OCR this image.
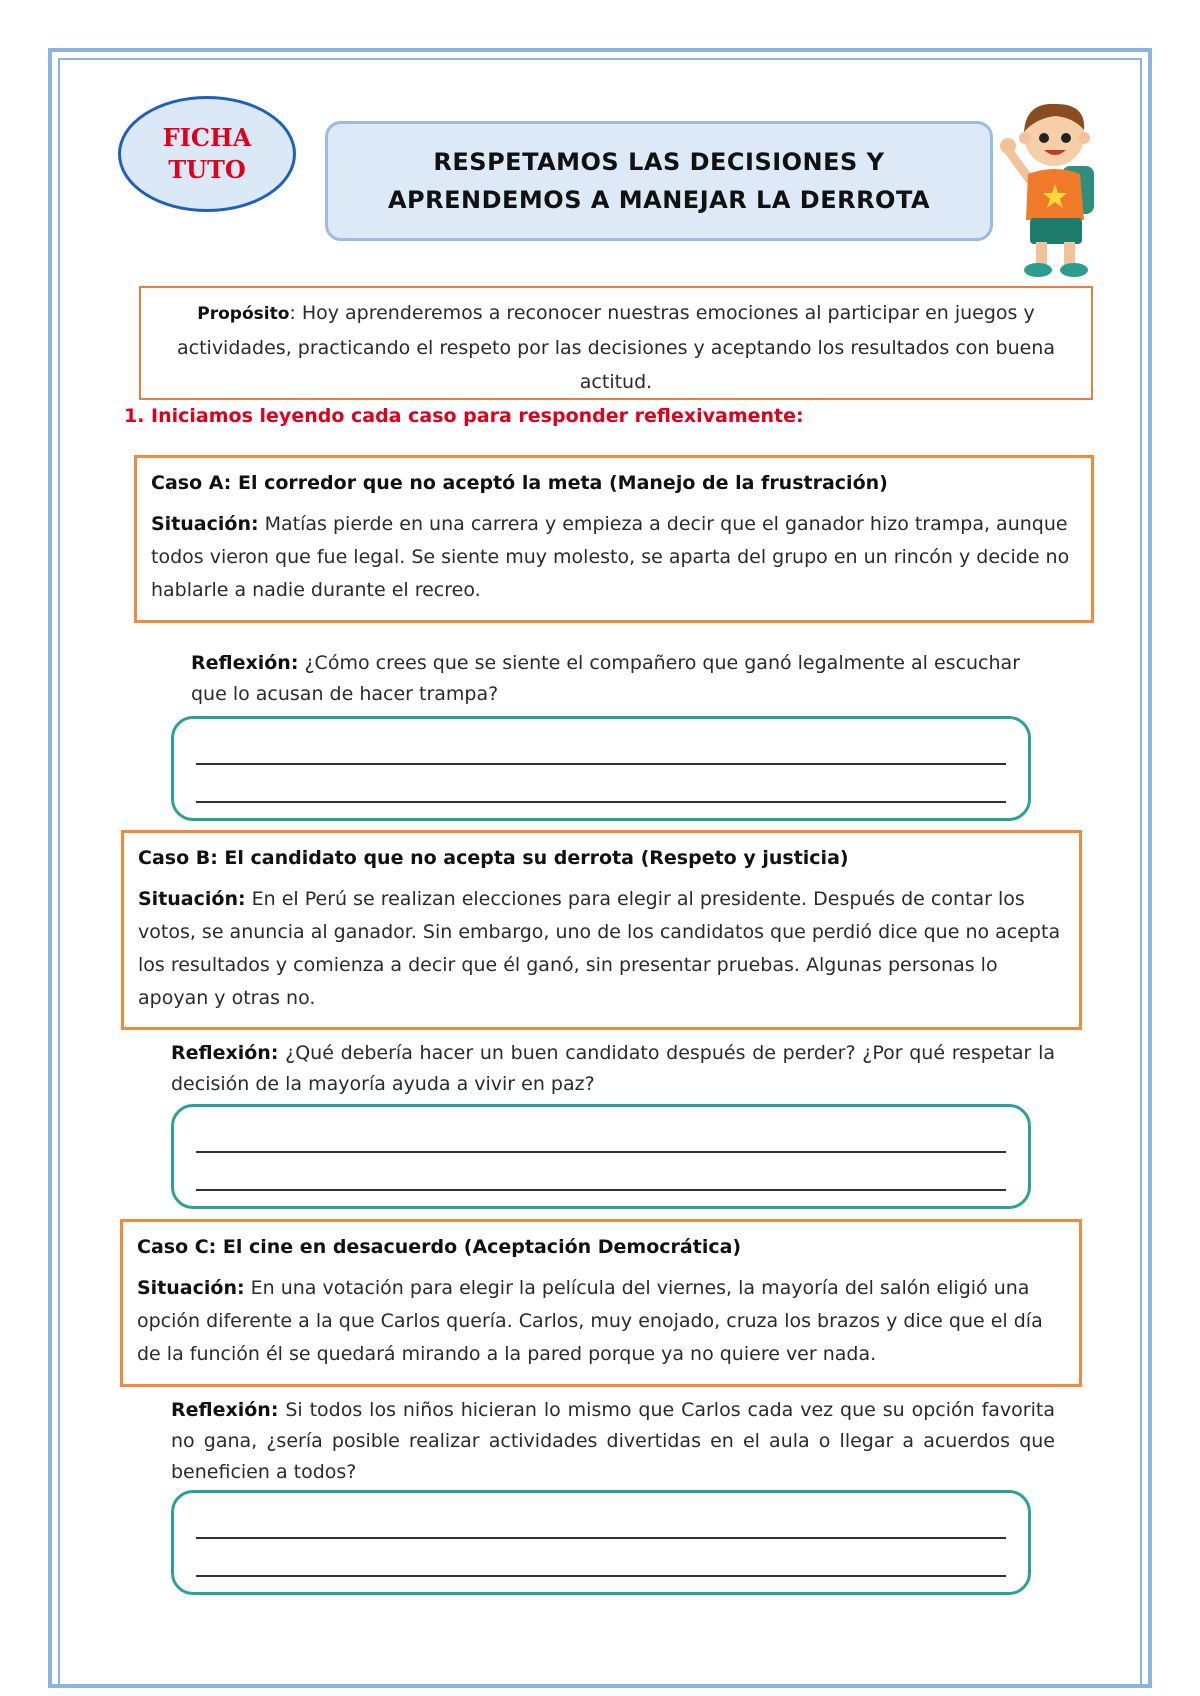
FICHA
TUTO	RESPETAMOS LAS DECISIONES Y
APRENDEMOS A MANEJAR LA DERROTA
Propósito: Hoy aprenderemos a reconocer nuestras emociones al participar en juegos y actividades, practicando el respeto por las decisiones y aceptando los resultados con buena actitud.
1. Iniciamos leyendo cada caso para responder reflexivamente:
Caso A: El corredor que no aceptó la meta (Manejo de la frustración)
Situación: Matías pierde en una carrera y empieza a decir que el ganador hizo trampa, aunque todos vieron que fue legal. Se siente muy molesto, se aparta del grupo en un rincón y decide no hablarle a nadie durante el recreo.
Reflexión: ¿Cómo crees que se siente el compañero que ganó legalmente al escuchar que lo acusan de hacer trampa?
Caso B: El candidato que no acepta su derrota (Respeto y justicia)
Situación: En el Perú se realizan elecciones para elegir al presidente. Después de contar los votos, se anuncia al ganador. Sin embargo, uno de los candidatos que perdió dice que no acepta los resultados y comienza a decir que él ganó, sin presentar pruebas. Algunas personas lo apoyan y otras no.
Reflexión: ¿Qué debería hacer un buen candidato después de perder? ¿Por qué respetar la decisión de la mayoría ayuda a vivir en paz?
Caso C: El cine en desacuerdo (Aceptación Democrática)
Situación: En una votación para elegir la película del viernes, la mayoría del salón eligió una opción diferente a la que Carlos quería. Carlos, muy enojado, cruza los brazos y dice que el día de la función él se quedará mirando a la pared porque ya no quiere ver nada.
Reflexión: Si todos los niños hicieran lo mismo que Carlos cada vez que su opción favorita no gana, ¿sería posible realizar actividades divertidas en el aula o llegar a acuerdos que beneficien a todos?
